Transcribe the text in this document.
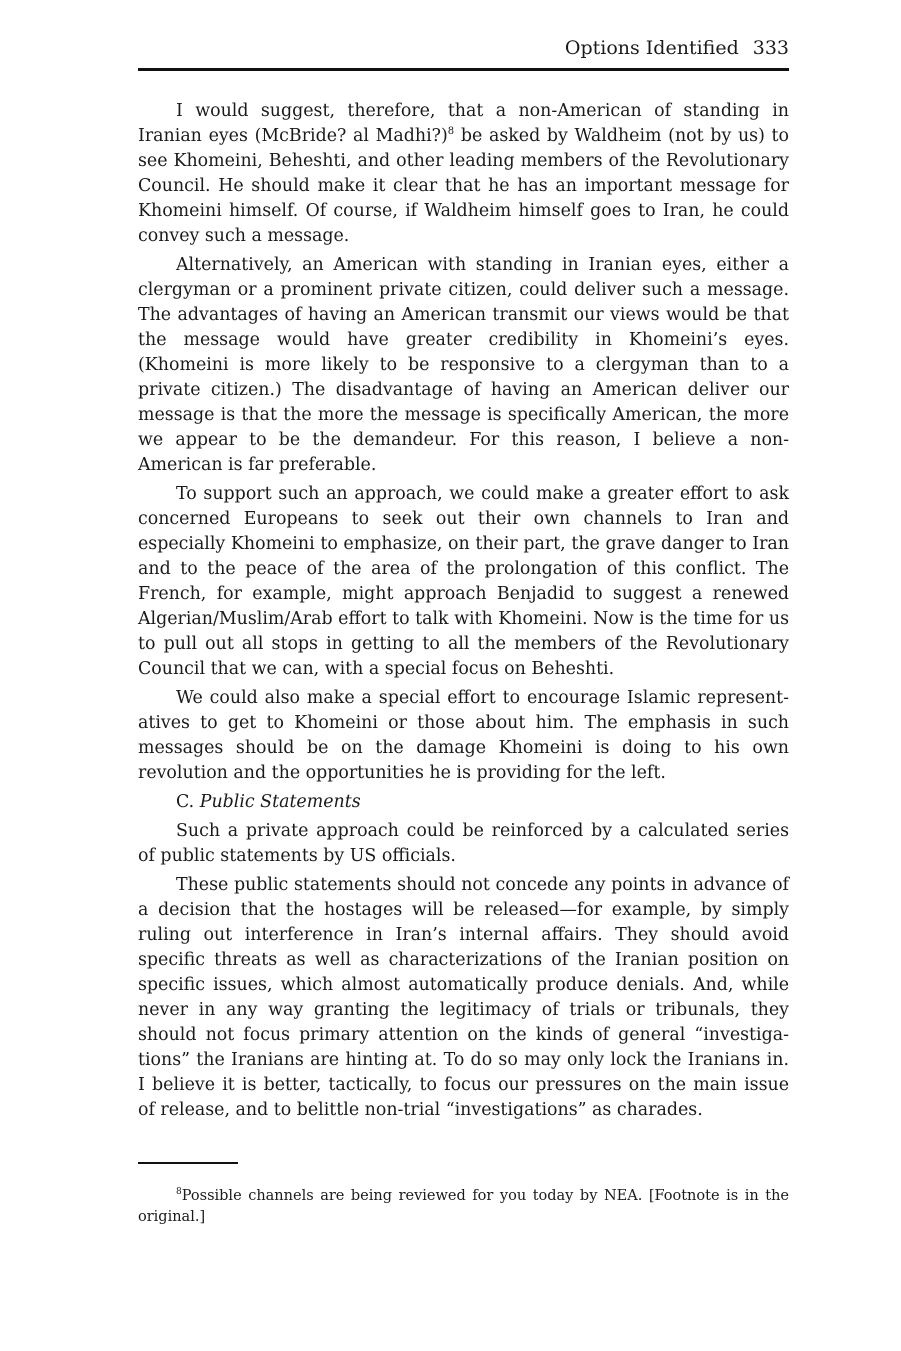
Options Identified 333

I would suggest, therefore, that a non-American of standing in Iranian eyes (McBride? al Madhi?)$^8$ be asked by Waldheim (not by us) to see Khomeini, Beheshti, and other leading members of the Revolutionary Council. He should make it clear that he has an important message for Khomeini himself. Of course, if Waldheim himself goes to Iran, he could convey such a message.

Alternatively, an American with standing in Iranian eyes, either a clergyman or a prominent private citizen, could deliver such a message. The advantages of having an American transmit our views would be that the message would have greater credibility in Khomeini’s eyes. (Khomeini is more likely to be responsive to a clergyman than to a private citizen.) The disadvantage of having an American deliver our message is that the more the message is specifically American, the more we appear to be the demandeur. For this reason, I believe a non-American is far preferable.

To support such an approach, we could make a greater effort to ask concerned Europeans to seek out their own channels to Iran and especially Khomeini to emphasize, on their part, the grave danger to Iran and to the peace of the area of the prolongation of this conflict. The French, for example, might approach Benjadid to suggest a renewed Algerian/Muslim/Arab effort to talk with Khomeini. Now is the time for us to pull out all stops in getting to all the members of the Revolutionary Council that we can, with a special focus on Beheshti.

We could also make a special effort to encourage Islamic representatives to get to Khomeini or those about him. The emphasis in such messages should be on the damage Khomeini is doing to his own revolution and the opportunities he is providing for the left.

C. Public Statements

Such a private approach could be reinforced by a calculated series of public statements by US officials.

These public statements should not concede any points in advance of a decision that the hostages will be released—for example, by simply ruling out interference in Iran’s internal affairs. They should avoid specific threats as well as characterizations of the Iranian position on specific issues, which almost automatically produce denials. And, while never in any way granting the legitimacy of trials or tribunals, they should not focus primary attention on the kinds of general “investigations” the Iranians are hinting at. To do so may only lock the Iranians in. I believe it is better, tactically, to focus our pressures on the main issue of release, and to belittle non-trial “investigations” as charades.

$^8$Possible channels are being reviewed for you today by NEA. [Footnote is in the original.]
